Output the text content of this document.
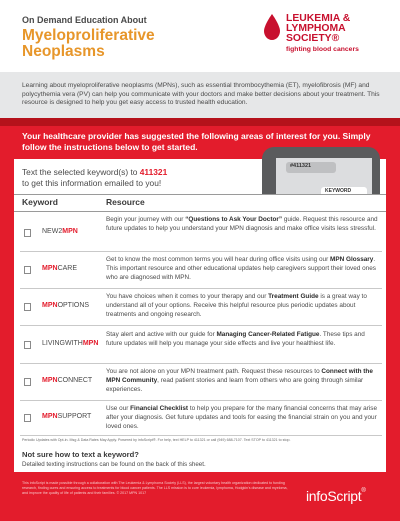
On Demand Education About
Myeloproliferative
Neoplasms
LEUKEMIA &
LYMPHOMA
SOCIETY®
fighting blood cancers
Learning about myeloproliferative neoplasms (MPNs), such as essential thrombocythemia (ET), myelofibrosis (MF) and polycythemia vera (PV) can help you communicate with your doctors and make better decisions about your treatment. This resource is designed to help you get easy access to trusted health education.
Your healthcare provider has suggested the following areas of interest for you. Simply follow the instructions below to get started.
Text the selected keyword(s) to 411321
to get this information emailed to you!
#411321
KEYWORD
Keyword	Resource
NEW2MPN
Begin your journey with our “Questions to Ask Your Doctor” guide. Request this resource and future updates to help you understand your MPN diagnosis and make office visits less stressful.
MPNCARE
Get to know the most common terms you will hear during office visits using our MPN Glossary. This important resource and other educational updates help caregivers support their loved ones who are diagnosed with MPN.
MPNOPTIONS
You have choices when it comes to your therapy and our Treatment Guide is a great way to understand all of your options. Receive this helpful resource plus periodic updates about treatments and ongoing research.
LIVINGWITHMPN
Stay alert and active with our guide for Managing Cancer-Related Fatigue. These tips and future updates will help you manage your side effects and live your healthiest life.
MPNCONNECT
You are not alone on your MPN treatment path. Request these resources to Connect with the MPN Community, read patient stories and learn from others who are going through similar experiences.
MPNSUPPORT
Use our Financial Checklist to help you prepare for the many financial concerns that may arise after your diagnosis. Get future updates and tools for easing the financial strain on you and your loved ones.
Periodic Updates with Opt-in. Msg & Data Rates May Apply. Powered by infoScript®. For help, text HELP to 411321 or call (949) 688-7107. Text STOP to 411321 to stop.
Not sure how to text a keyword?
Detailed texting instructions can be found on the back of this sheet.
This infoScript is made possible through a collaboration with The Leukemia & Lymphoma Society (LLS), the largest voluntary health organization dedicated to funding research, finding cures and ensuring access to treatments for blood cancer patients. The LLS mission is to cure leukemia, lymphoma, Hodgkin's disease and myeloma, and improve the quality of life of patients and their families. © 2017 MPN 1017	infoScript®
